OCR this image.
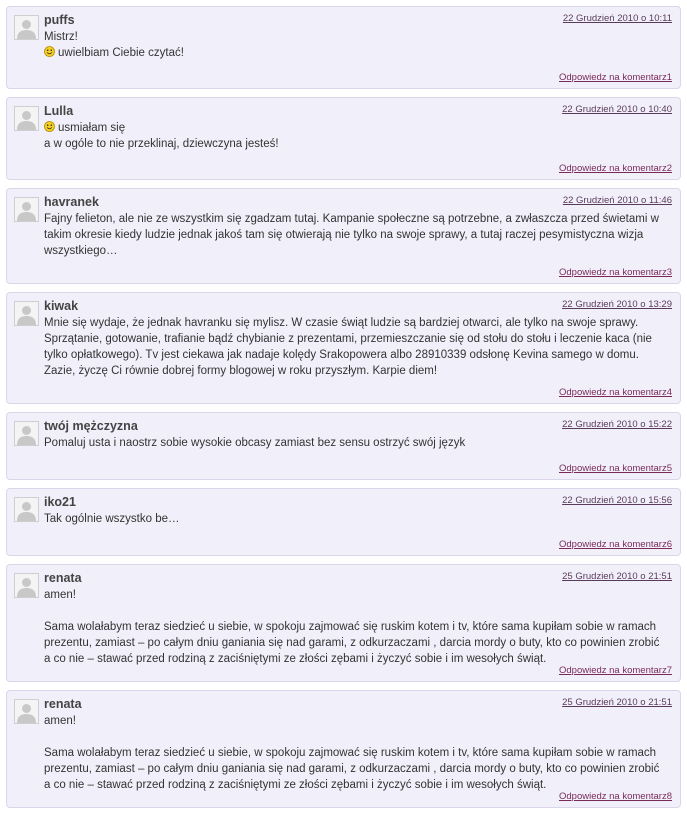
puffs	22 Grudzień 2010 o 10:11

Mistrz!

uwielbiam Ciebie czytać!

Odpowiedz na komentarz1
Lulla	22 Grudzień 2010 o 10:40

usmiałam się

a w ogóle to nie przeklinaj, dziewczyna jesteś!

Odpowiedz na komentarz2
havranek	22 Grudzień 2010 o 11:46

Fajny felieton, ale nie ze wszystkim się zgadzam tutaj. Kampanie społeczne są potrzebne, a zwłaszcza przed świetami w takim okresie kiedy ludzie jednak jakoś tam się otwierają nie tylko na swoje sprawy, a tutaj raczej pesymistyczna wizja wszystkiego…

Odpowiedz na komentarz3
kiwak	22 Grudzień 2010 o 13:29

Mnie się wydaje, że jednak havranku się mylisz. W czasie świąt ludzie są bardziej otwarci, ale tylko na swoje sprawy. Sprzątanie, gotowanie, trafianie bądź chybianie z prezentami, przemieszczanie się od stołu do stołu i leczenie kaca (nie tylko opłatkowego). Tv jest ciekawa jak nadaje kolędy Srakopowera albo 28910339 odsłonę Kevina samego w domu. Zazie, życzę Ci równie dobrej formy blogowej w roku przyszłym. Karpie diem!

Odpowiedz na komentarz4
twój mężczyzna	22 Grudzień 2010 o 15:22

Pomaluj usta i naostrz sobie wysokie obcasy zamiast bez sensu ostrzyć swój język

Odpowiedz na komentarz5
iko21	22 Grudzień 2010 o 15:56

Tak ogólnie wszystko be…

Odpowiedz na komentarz6
renata	25 Grudzień 2010 o 21:51

amen!

Sama wolałabym teraz siedzieć u siebie, w spokoju zajmować się ruskim kotem i tv, które sama kupiłam sobie w ramach prezentu, zamiast – po całym dniu ganiania się nad garami, z odkurzaczami , darcia mordy o buty, kto co powinien zrobić a co nie – stawać przed rodziną z zaciśniętymi ze złości zębami i życzyć sobie i im wesołych świąt.

Odpowiedz na komentarz7
renata	25 Grudzień 2010 o 21:51

amen!

Sama wolałabym teraz siedzieć u siebie, w spokoju zajmować się ruskim kotem i tv, które sama kupiłam sobie w ramach prezentu, zamiast – po całym dniu ganiania się nad garami, z odkurzaczami , darcia mordy o buty, kto co powinien zrobić a co nie – stawać przed rodziną z zaciśniętymi ze złości zębami i życzyć sobie i im wesołych świąt.

Odpowiedz na komentarz8
